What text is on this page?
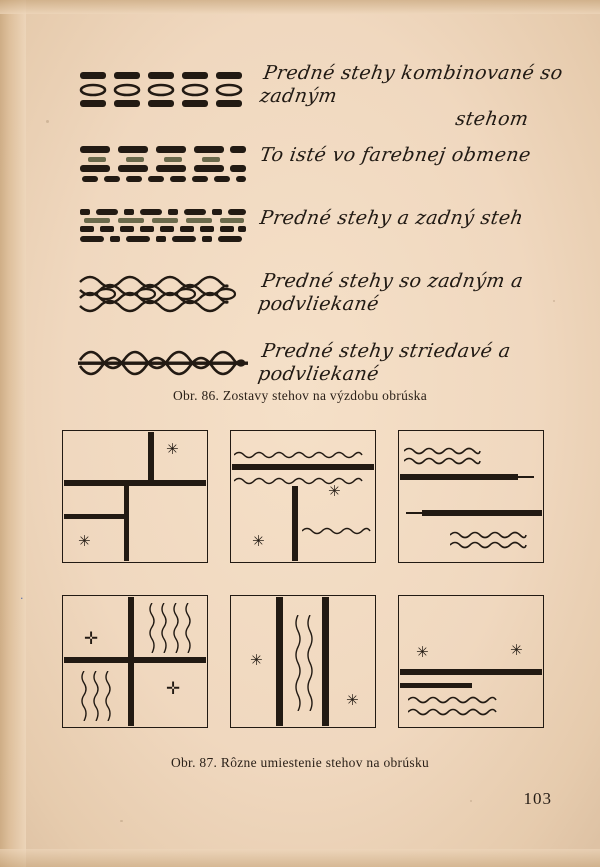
·
Predné stehy kombinované so zadným
stehom
To isté vo farebnej obmene
Predné stehy a zadný steh
Predné stehy so zadným a podvliekané
Predné stehy striedavé a podvliekané
Obr. 86. Zostavy stehov na výzdobu obrúska
✳
✳
✳
✳
✛
✛
✳
✳
✳
✳
Obr. 87. Rôzne umiestenie stehov na obrúsku
103
